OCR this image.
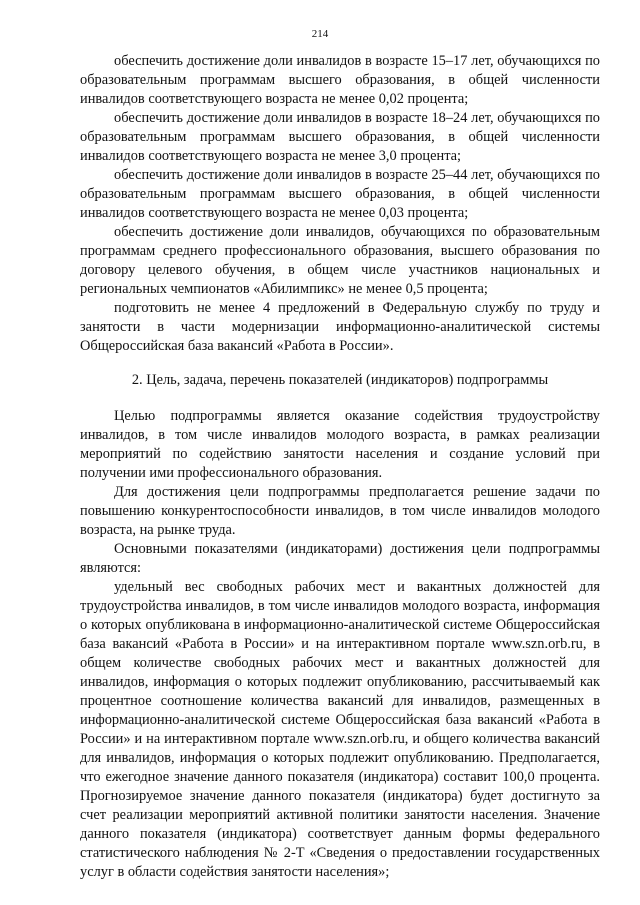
214

обеспечить достижение доли инвалидов в возрасте 15–17 лет, обучающихся по образовательным программам высшего образования, в общей численности инвалидов соответствующего возраста не менее 0,02 процента;

обеспечить достижение доли инвалидов в возрасте 18–24 лет, обучающихся по образовательным программам высшего образования, в общей численности инвалидов соответствующего возраста не менее 3,0 процента;

обеспечить достижение доли инвалидов в возрасте 25–44 лет, обучающихся по образовательным программам высшего образования, в общей численности инвалидов соответствующего возраста не менее 0,03 процента;

обеспечить достижение доли инвалидов, обучающихся по образовательным программам среднего профессионального образования, высшего образования по договору целевого обучения, в общем числе участников национальных и региональных чемпионатов «Абилимпикс» не менее 0,5 процента;

подготовить не менее 4 предложений в Федеральную службу по труду и занятости в части модернизации информационно-аналитической системы Общероссийская база вакансий «Работа в России».

2. Цель, задача, перечень показателей (индикаторов) подпрограммы

Целью подпрограммы является оказание содействия трудоустройству инвалидов, в том числе инвалидов молодого возраста, в рамках реализации мероприятий по содействию занятости населения и создание условий при получении ими профессионального образования.

Для достижения цели подпрограммы предполагается решение задачи по повышению конкурентоспособности инвалидов, в том числе инвалидов молодого возраста, на рынке труда.

Основными показателями (индикаторами) достижения цели подпрограммы являются:

удельный вес свободных рабочих мест и вакантных должностей для трудоустройства инвалидов, в том числе инвалидов молодого возраста, информация о которых опубликована в информационно-аналитической системе Общероссийская база вакансий «Работа в России» и на интерактивном портале www.szn.orb.ru, в общем количестве свободных рабочих мест и вакантных должностей для инвалидов, информация о которых подлежит опубликованию, рассчитываемый как процентное соотношение количества вакансий для инвалидов, размещенных в информационно-аналитической системе Общероссийская база вакансий «Работа в России» и на интерактивном портале www.szn.orb.ru, и общего количества вакансий для инвалидов, информация о которых подлежит опубликованию. Предполагается, что ежегодное значение данного показателя (индикатора) составит 100,0 процента. Прогнозируемое значение данного показателя (индикатора) будет достигнуто за счет реализации мероприятий активной политики занятости населения. Значение данного показателя (индикатора) соответствует данным формы федерального статистического наблюдения № 2-Т «Сведения о предоставлении государственных услуг в области содействия занятости населения»;
